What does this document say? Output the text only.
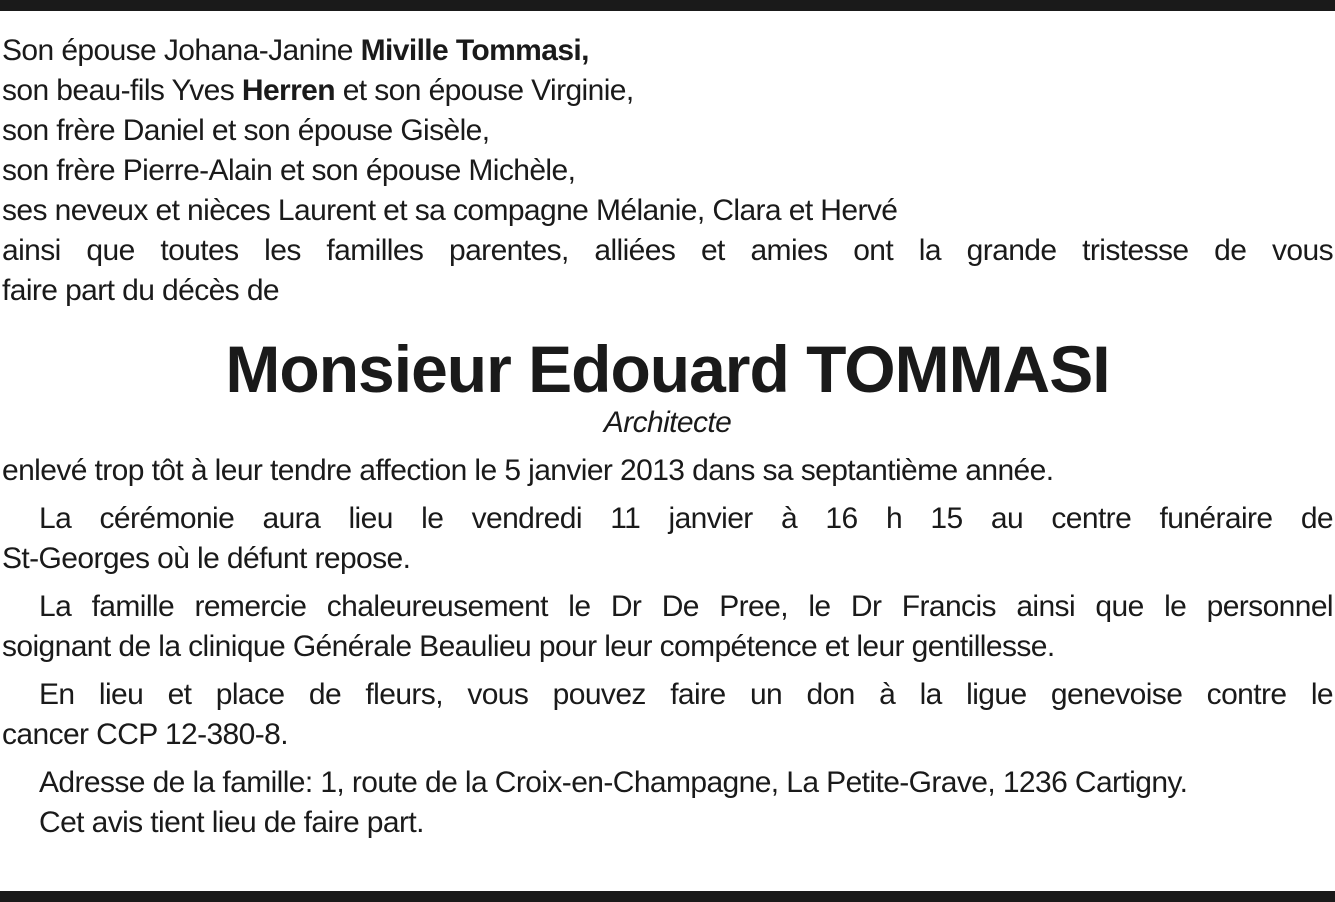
Son épouse Johana-Janine Miville Tommasi,
son beau-fils Yves Herren et son épouse Virginie,
son frère Daniel et son épouse Gisèle,
son frère Pierre-Alain et son épouse Michèle,
ses neveux et nièces Laurent et sa compagne Mélanie, Clara et Hervé
ainsi que toutes les familles parentes, alliées et amies ont la grande tristesse de vous
faire part du décès de
Monsieur Edouard TOMMASI
Architecte
enlevé trop tôt à leur tendre affection le 5 janvier 2013 dans sa septantième année.
La cérémonie aura lieu le vendredi 11 janvier à 16 h 15 au centre funéraire de
St-Georges où le défunt repose.
La famille remercie chaleureusement le Dr De Pree, le Dr Francis ainsi que le personnel
soignant de la clinique Générale Beaulieu pour leur compétence et leur gentillesse.
En lieu et place de fleurs, vous pouvez faire un don à la ligue genevoise contre le
cancer CCP 12-380-8.
Adresse de la famille: 1, route de la Croix-en-Champagne, La Petite-Grave, 1236 Cartigny.
Cet avis tient lieu de faire part.
